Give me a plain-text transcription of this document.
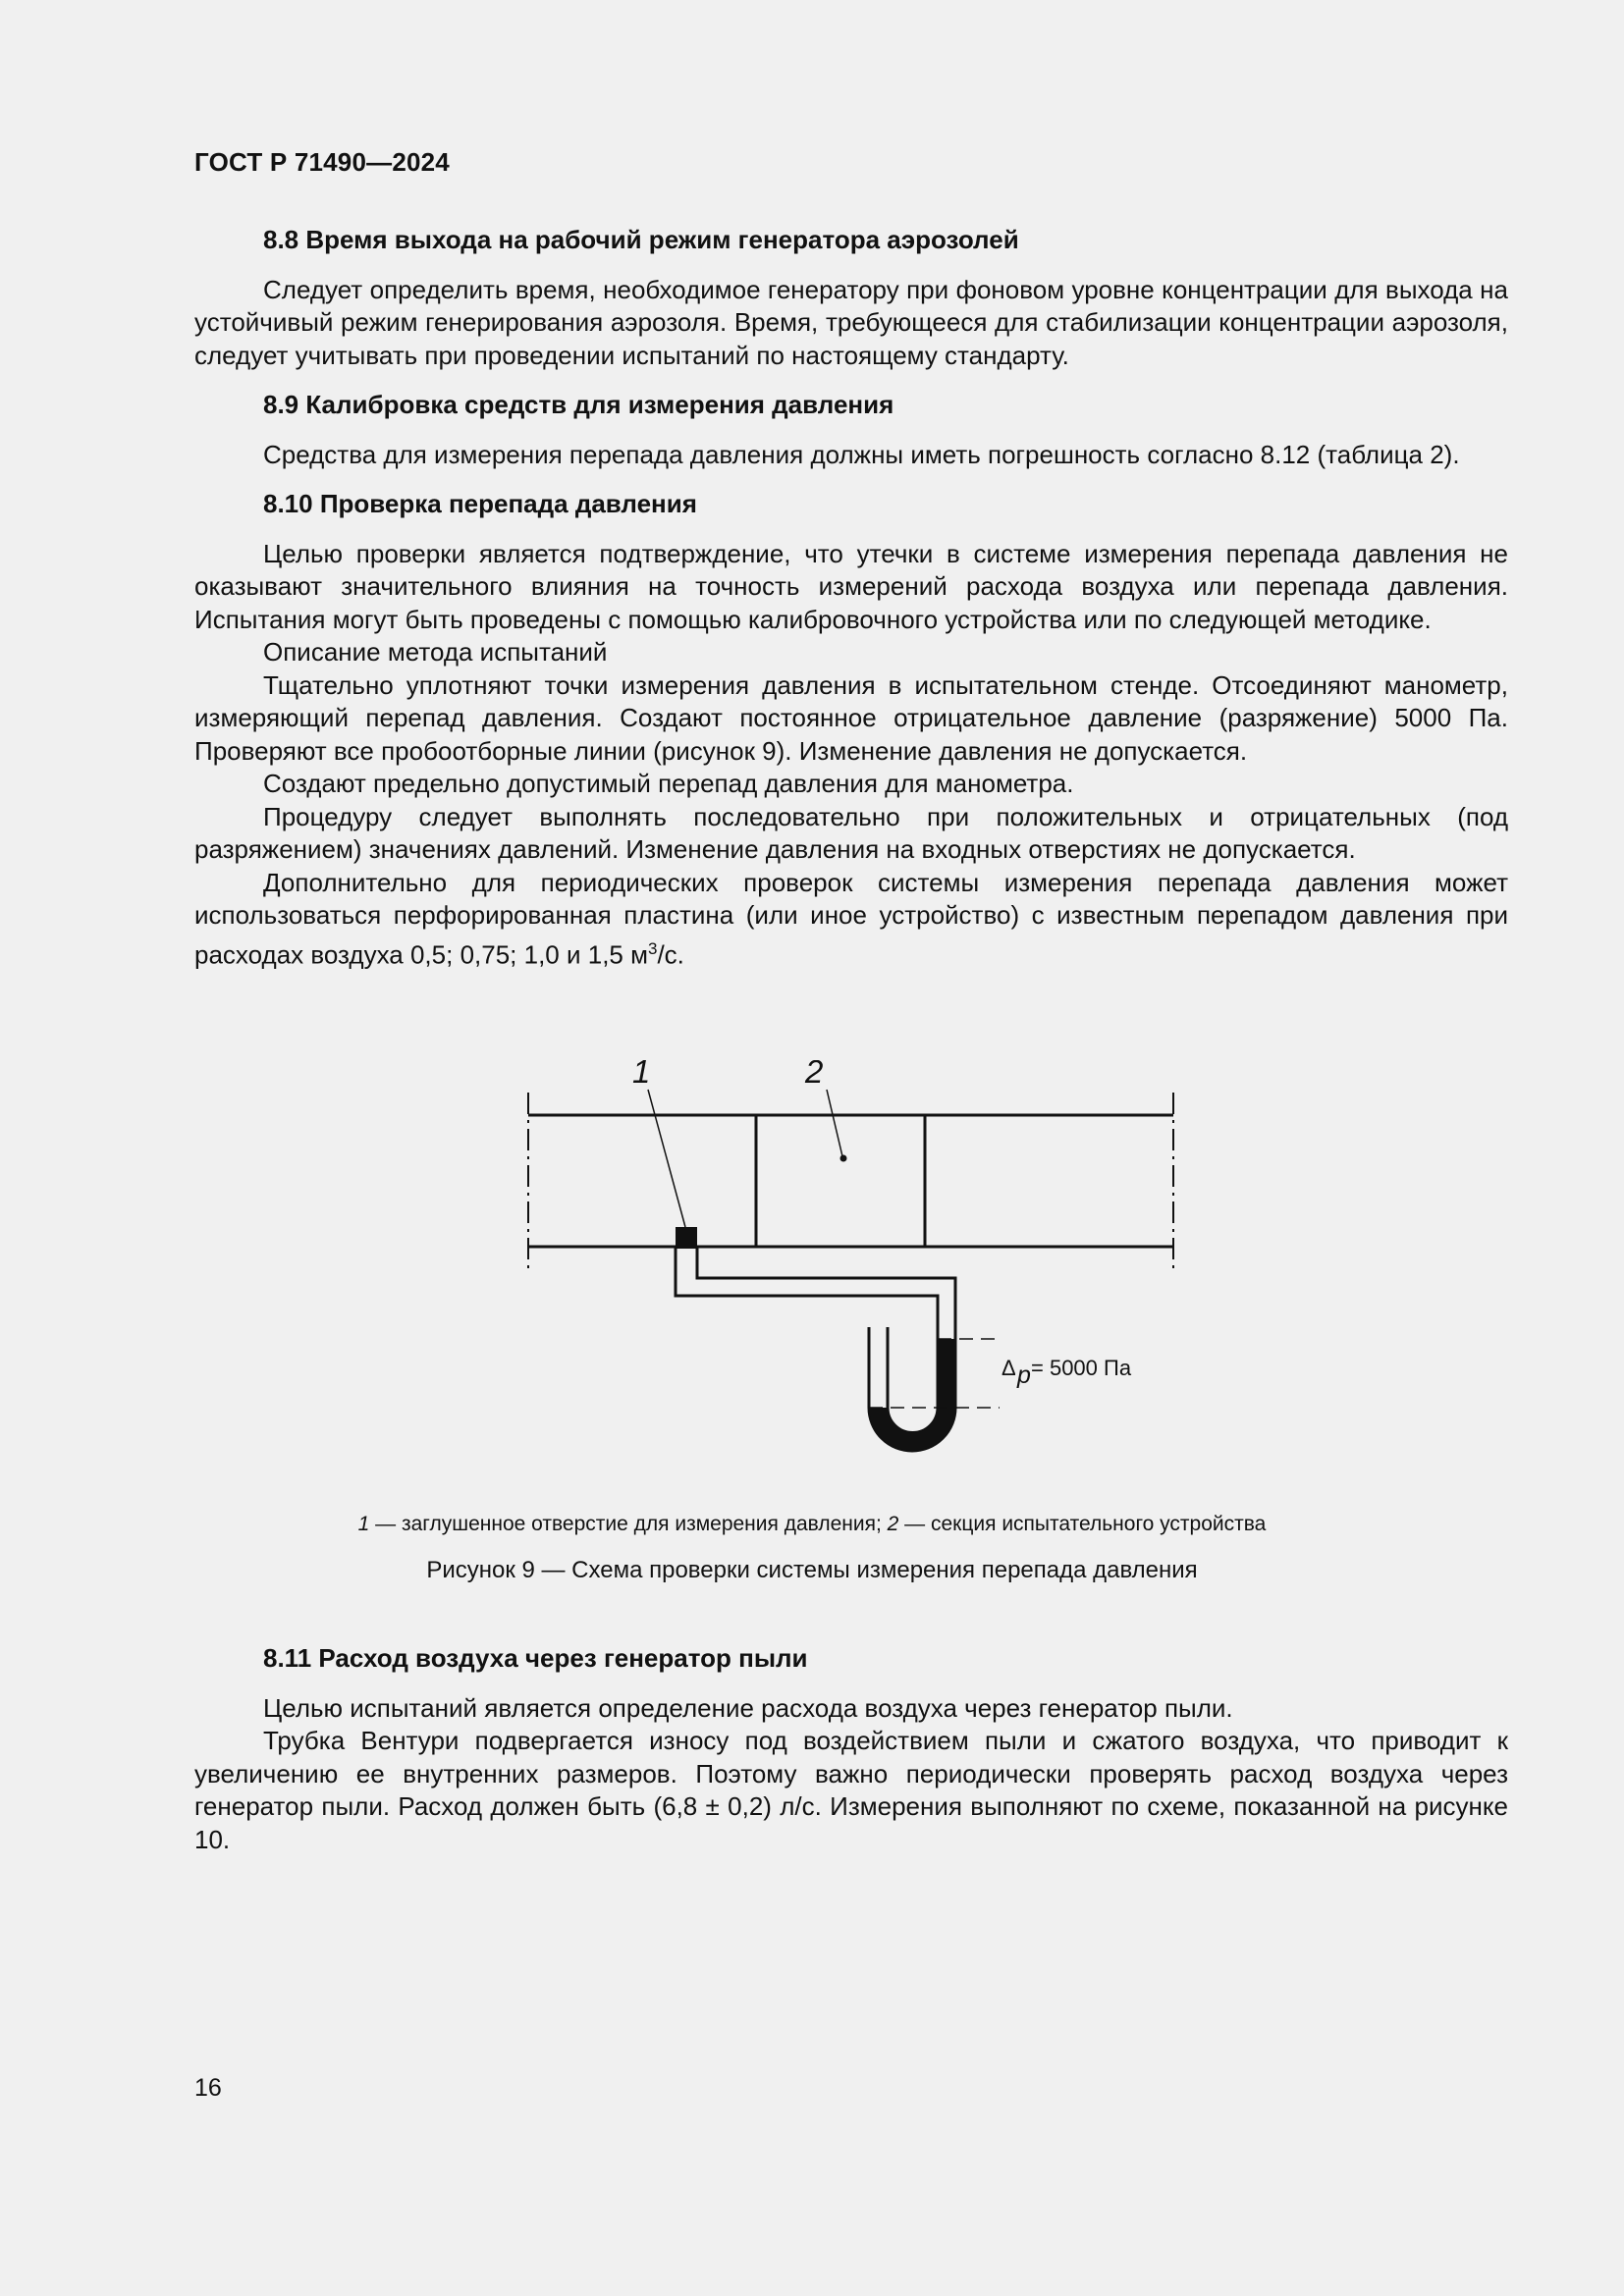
ГОСТ Р 71490—2024

8.8 Время выхода на рабочий режим генератора аэрозолей

Следует определить время, необходимое генератору при фоновом уровне концентрации для выхода на устойчивый режим генерирования аэрозоля. Время, требующееся для стабилизации концентрации аэрозоля, следует учитывать при проведении испытаний по настоящему стандарту.

8.9 Калибровка средств для измерения давления

Средства для измерения перепада давления должны иметь погрешность согласно 8.12 (таблица 2).

8.10 Проверка перепада давления

Целью проверки является подтверждение, что утечки в системе измерения перепада давления не оказывают значительного влияния на точность измерений расхода воздуха или перепада давления. Испытания могут быть проведены с помощью калибровочного устройства или по следующей методике.

Описание метода испытаний

Тщательно уплотняют точки измерения давления в испытательном стенде. Отсоединяют манометр, измеряющий перепад давления. Создают постоянное отрицательное давление (разряжение) 5000 Па. Проверяют все пробоотборные линии (рисунок 9). Изменение давления не допускается.

Создают предельно допустимый перепад давления для манометра.

Процедуру следует выполнять последовательно при положительных и отрицательных (под разряжением) значениях давлений. Изменение давления на входных отверстиях не допускается.

Дополнительно для периодических проверок системы измерения перепада давления может использоваться перфорированная пластина (или иное устройство) с известным перепадом давления при расходах воздуха 0,5; 0,75; 1,0 и 1,5 $м^3/с$.

1	2
Δ p = 5000 Па
1 — заглушенное отверстие для измерения давления; 2 — секция испытательного устройства
Рисунок 9 — Схема проверки системы измерения перепада давления

8.11 Расход воздуха через генератор пыли

Целью испытаний является определение расхода воздуха через генератор пыли.

Трубка Вентури подвергается износу под воздействием пыли и сжатого воздуха, что приводит к увеличению ее внутренних размеров. Поэтому важно периодически проверять расход воздуха через генератор пыли. Расход должен быть (6,8 ± 0,2) л/с. Измерения выполняют по схеме, показанной на рисунке 10.

16
